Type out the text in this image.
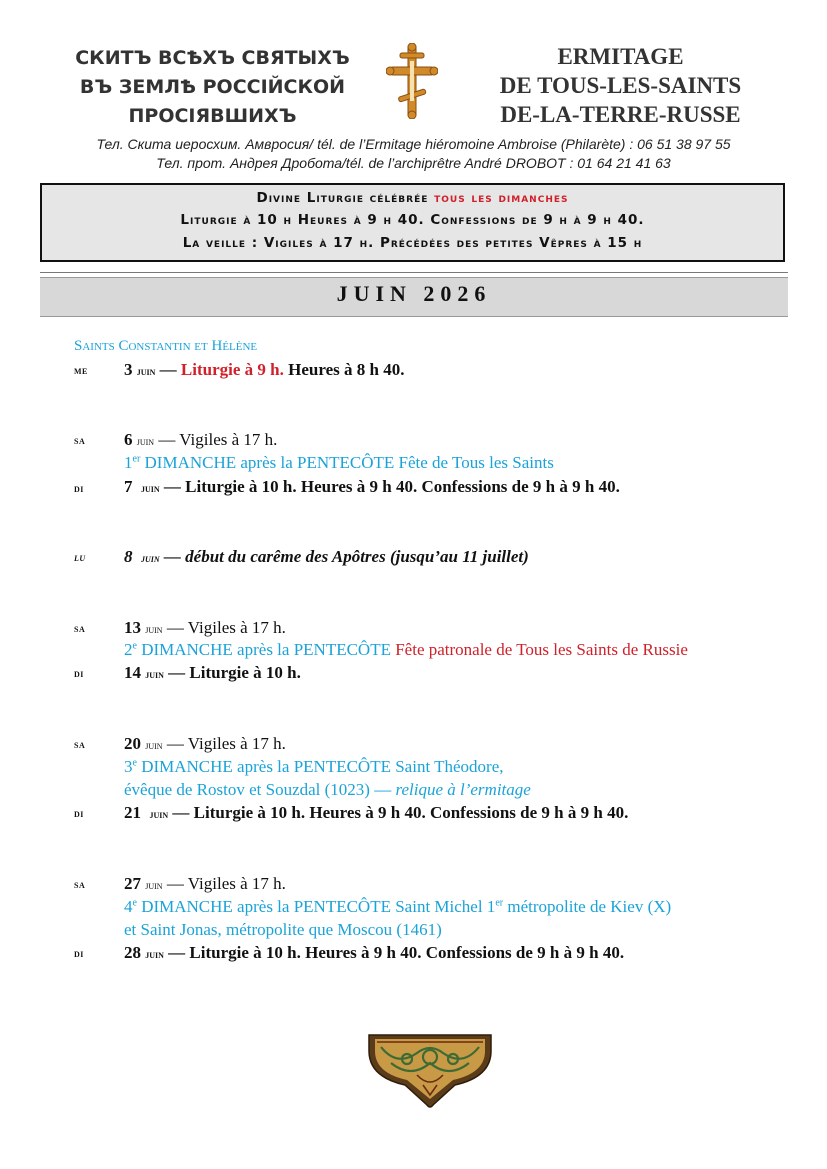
СКИТЪ ВСѢХЪ СВЯТЫХЪ
ВЪ ЗЕМЛѢ РОССІЙСКОЙ
ПРОСІЯВШИХЪ
ERMITAGE
DE TOUS-LES-SAINTS
DE-LA-TERRE-RUSSE
Тел. Скита иеросхим. Амвросия/ tél. de l’Ermitage hiéromoine Ambroise (Philarète) : 06 51 38 97 55
Тел. прот. Андрея Дробота/tél. de l’archiprêtre André DROBOT : 01 64 21 41 63
Divine Liturgie célébrée tous les dimanches
Liturgie à 10 h Heures à 9 h 40. Confessions de 9 h à 9 h 40.
La veille : Vigiles à 17 h. Précédées des petites Vêpres à 15 h
JUIN 2026
Saints Constantin et Hélène
me	3 juin — Liturgie à 9 h. Heures à 8 h 40.
sa	6 juin — Vigiles à 17 h.
1er DIMANCHE après la PENTECÔTE Fête de Tous les Saints
di	7 juin — Liturgie à 10 h. Heures à 9 h 40. Confessions de 9 h à 9 h 40.
lu	8 juin — début du carême des Apôtres (jusqu’au 11 juillet)
sa	13 juin — Vigiles à 17 h.
2e DIMANCHE après la PENTECÔTE Fête patronale de Tous les Saints de Russie
di	14 juin — Liturgie à 10 h.
sa	20 juin — Vigiles à 17 h.
3e DIMANCHE après la PENTECÔTE Saint Théodore,
évêque de Rostov et Souzdal (1023) — relique à l’ermitage
di	21 juin — Liturgie à 10 h. Heures à 9 h 40. Confessions de 9 h à 9 h 40.
sa	27 juin — Vigiles à 17 h.
4e DIMANCHE après la PENTECÔTE Saint Michel 1er métropolite de Kiev (X)
et Saint Jonas, métropolite que Moscou (1461)
di	28 juin — Liturgie à 10 h. Heures à 9 h 40. Confessions de 9 h à 9 h 40.
